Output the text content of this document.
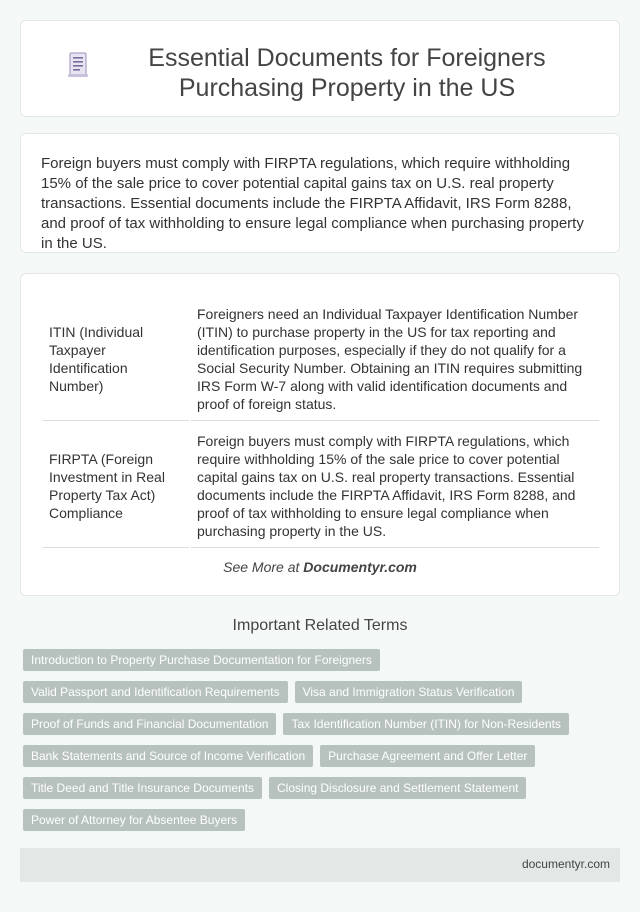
Essential Documents for Foreigners Purchasing Property in the US

Foreign buyers must comply with FIRPTA regulations, which require withholding 15% of the sale price to cover potential capital gains tax on U.S. real property transactions. Essential documents include the FIRPTA Affidavit, IRS Form 8288, and proof of tax withholding to ensure legal compliance when purchasing property in the US.

ITIN (Individual Taxpayer Identification Number)	Foreigners need an Individual Taxpayer Identification Number (ITIN) to purchase property in the US for tax reporting and identification purposes, especially if they do not qualify for a Social Security Number. Obtaining an ITIN requires submitting IRS Form W-7 along with valid identification documents and proof of foreign status.
FIRPTA (Foreign Investment in Real Property Tax Act) Compliance	Foreign buyers must comply with FIRPTA regulations, which require withholding 15% of the sale price to cover potential capital gains tax on U.S. real property transactions. Essential documents include the FIRPTA Affidavit, IRS Form 8288, and proof of tax withholding to ensure legal compliance when purchasing property in the US.
See More at Documentyr.com
Important Related Terms
Introduction to Property Purchase Documentation for Foreigners
Valid Passport and Identification Requirements	Visa and Immigration Status Verification
Proof of Funds and Financial Documentation	Tax Identification Number (ITIN) for Non-Residents
Bank Statements and Source of Income Verification	Purchase Agreement and Offer Letter
Title Deed and Title Insurance Documents	Closing Disclosure and Settlement Statement
Power of Attorney for Absentee Buyers
documentyr.com
